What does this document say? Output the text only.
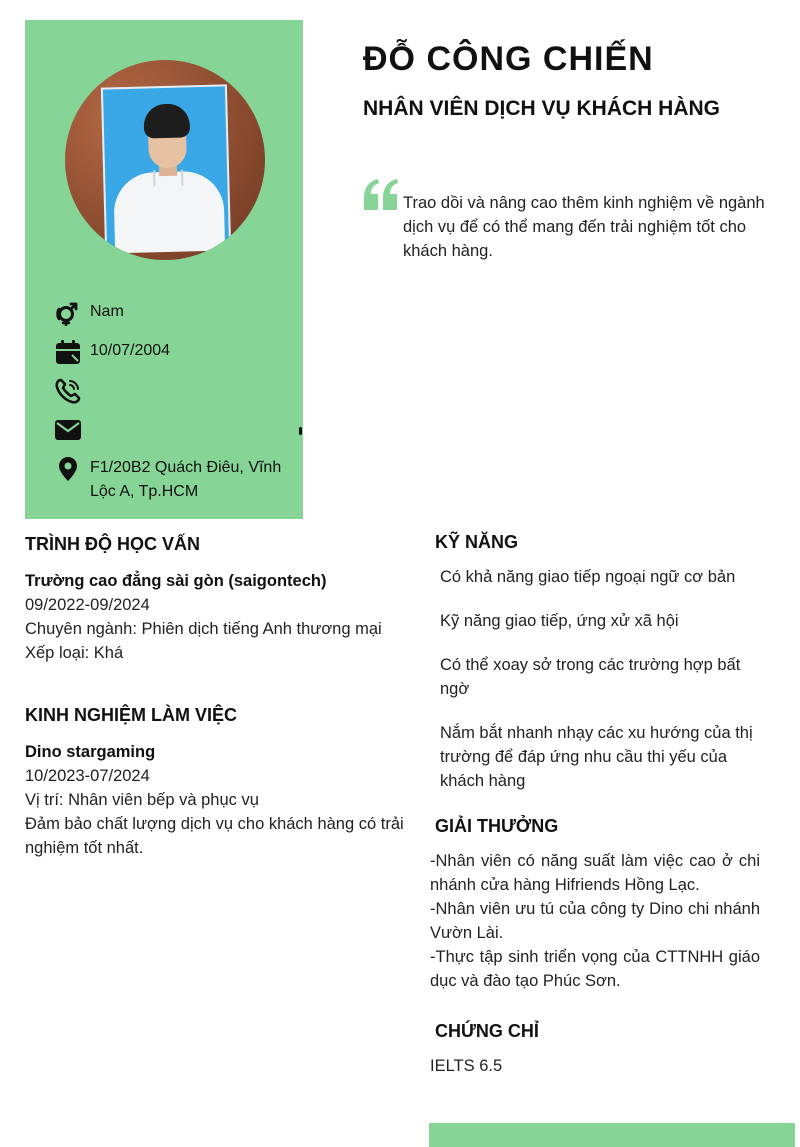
Nam
10/07/2004
F1/20B2 Quách Điêu, Vĩnh Lộc A, Tp.HCM
ĐỖ CÔNG CHIẾN
NHÂN VIÊN DỊCH VỤ KHÁCH HÀNG
Trao dồi và nâng cao thêm kinh nghiệm về ngành dịch vụ để có thể mang đến trải nghiệm tốt cho khách hàng.
TRÌNH ĐỘ HỌC VẤN
Trường cao đẳng sài gòn (saigontech)
09/2022-09/2024
Chuyên ngành: Phiên dịch tiếng Anh thương mại
Xếp loại: Khá
KINH NGHIỆM LÀM VIỆC
Dino stargaming
10/2023-07/2024
Vị trí: Nhân viên bếp và phục vụ
Đảm bảo chất lượng dịch vụ cho khách hàng có trải nghiệm tốt nhất.
KỸ NĂNG
Có khả năng giao tiếp ngoại ngữ cơ bản
Kỹ năng giao tiếp, ứng xử xã hội
Có thể xoay sở trong các trường hợp bất ngờ
Nắm bắt nhanh nhạy các xu hướng của thị trường để đáp ứng nhu cầu thi yếu của khách hàng
GIẢI THƯỞNG
-Nhân viên có năng suất làm việc cao ở chi nhánh cửa hàng Hifriends Hồng Lạc.
-Nhân viên ưu tú của công ty Dino chi nhánh Vườn Lài.
-Thực tập sinh triển vọng của CTTNHH giáo dục và đào tạo Phúc Sơn.
CHỨNG CHỈ
IELTS 6.5
